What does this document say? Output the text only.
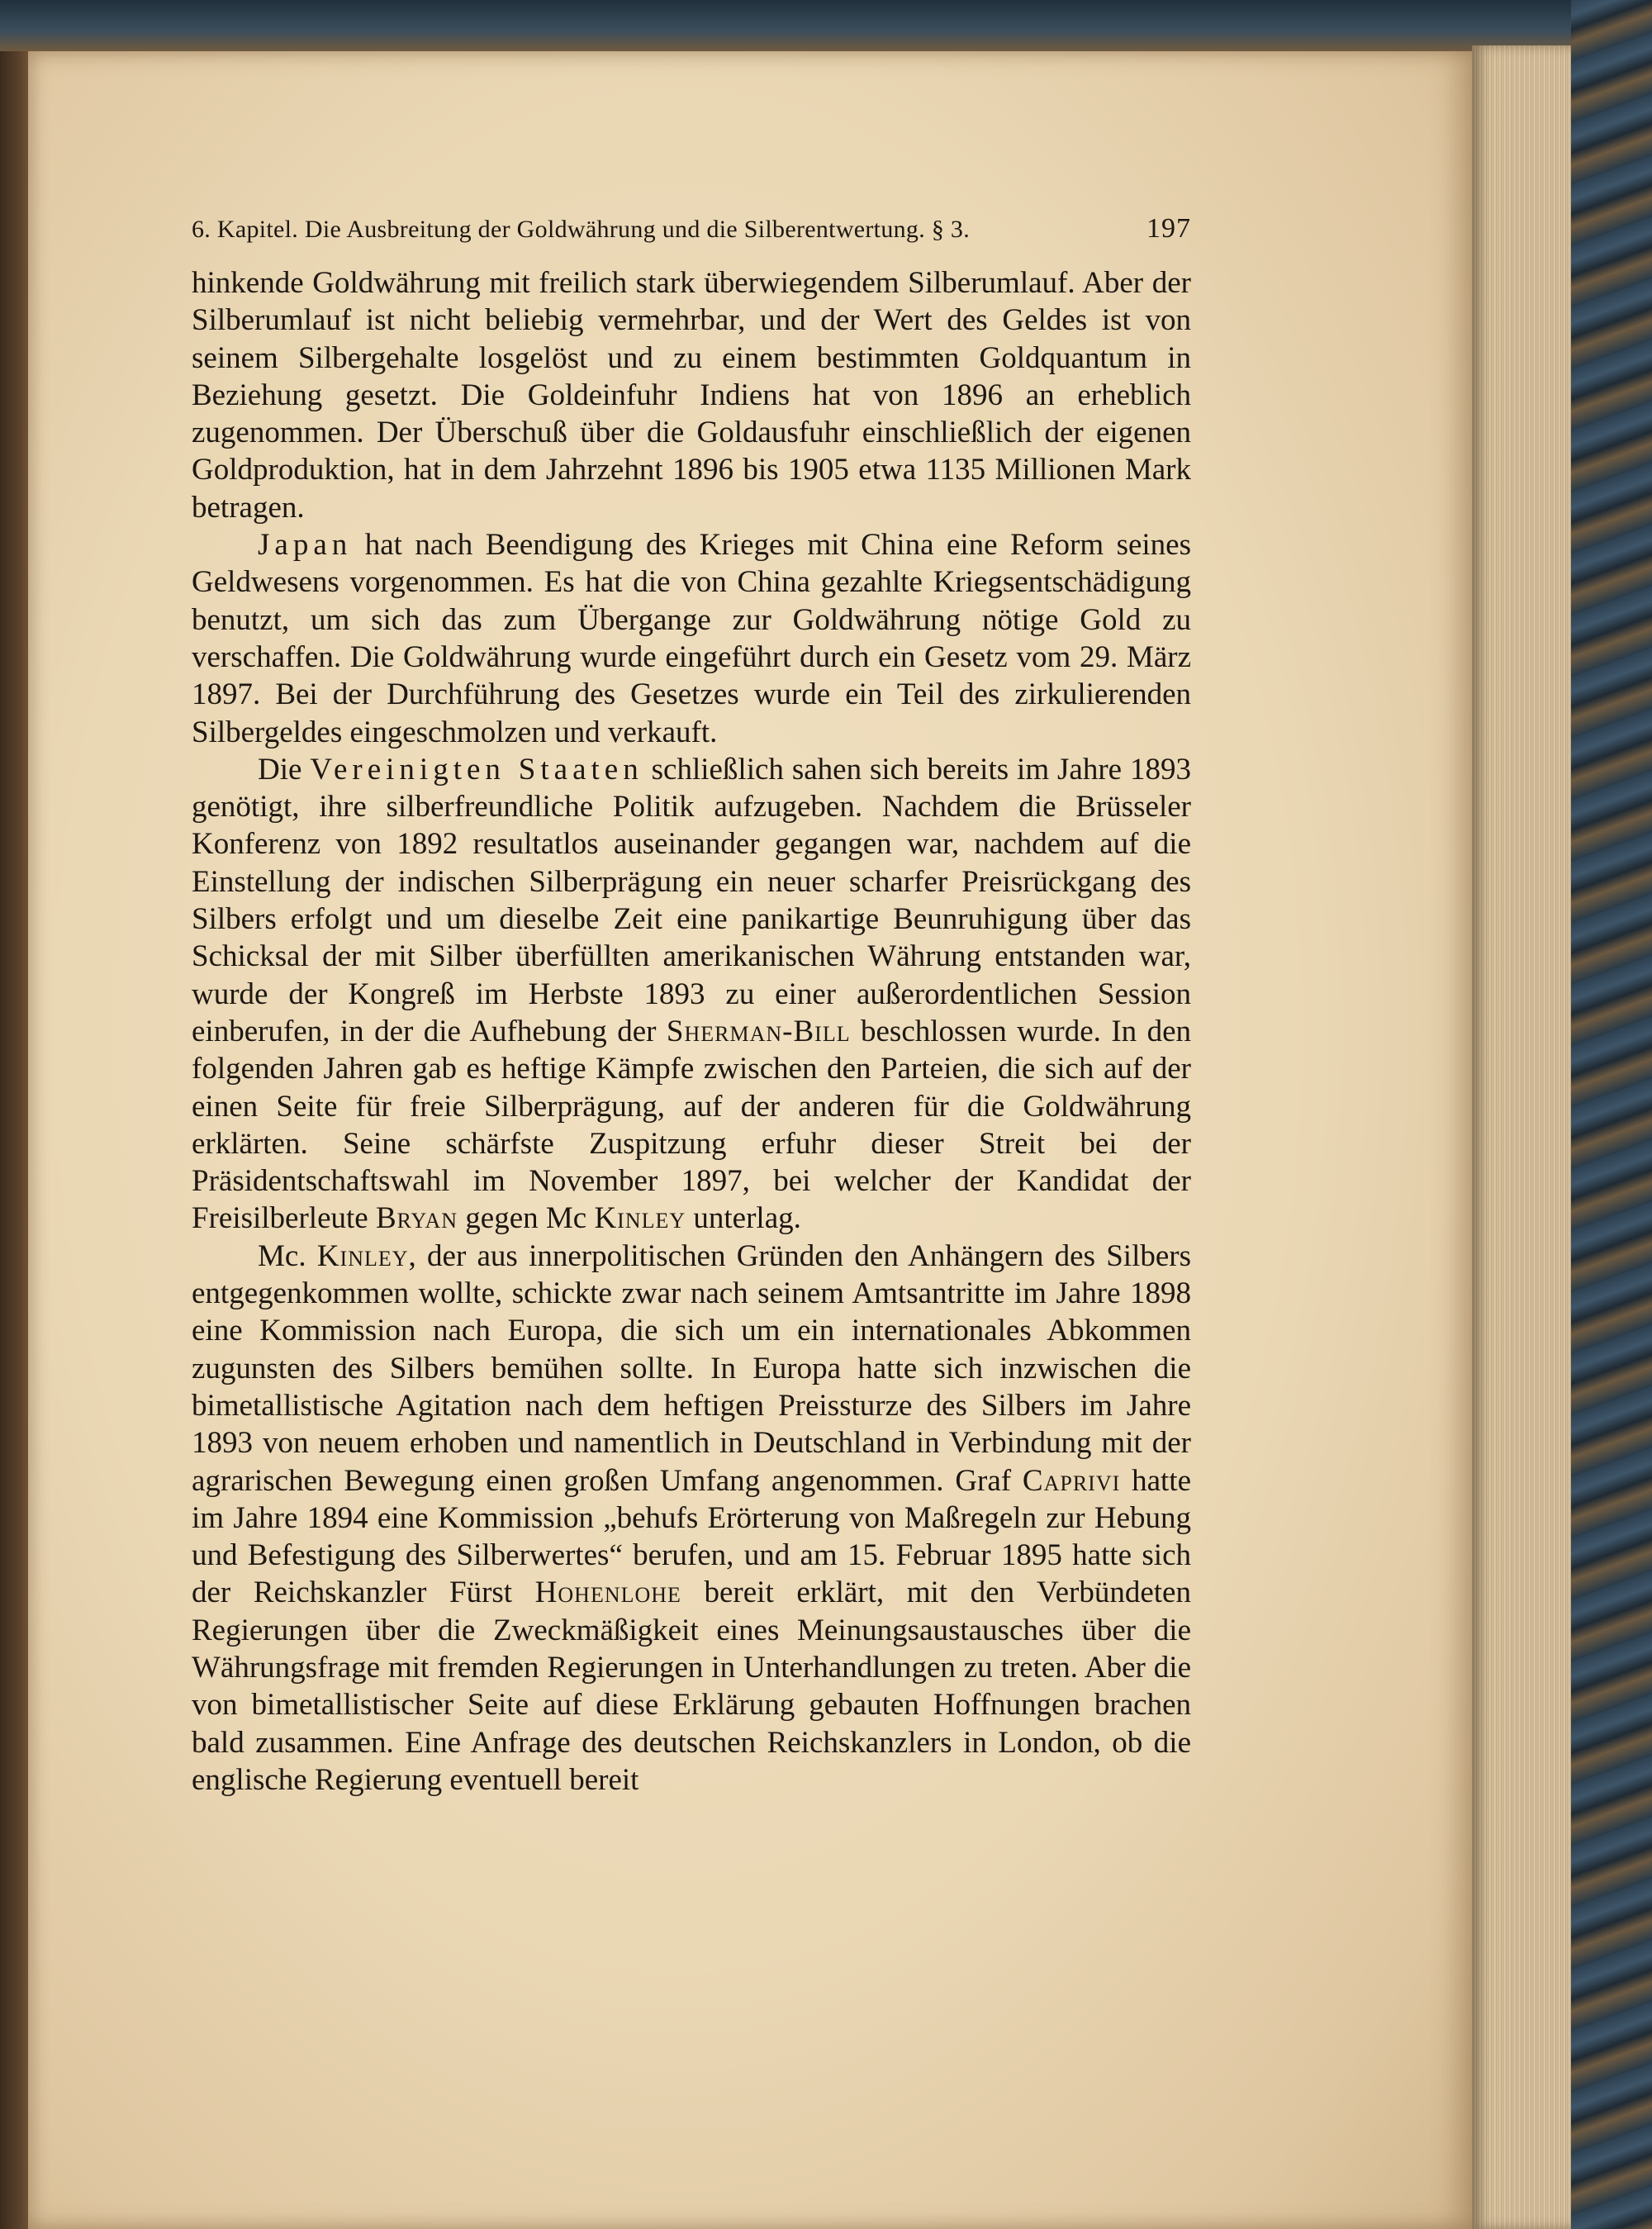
6. Kapitel. Die Ausbreitung der Goldwährung und die Silberentwertung. § 3.	197

hinkende Goldwährung mit freilich stark überwiegendem Silberumlauf. Aber der Silberumlauf ist nicht beliebig vermehrbar, und der Wert des Geldes ist von seinem Silbergehalte losgelöst und zu einem bestimmten Goldquantum in Beziehung gesetzt. Die Goldeinfuhr Indiens hat von 1896 an erheblich zugenommen. Der Überschuß über die Goldausfuhr einschließlich der eigenen Goldproduktion, hat in dem Jahrzehnt 1896 bis 1905 etwa 1135 Millionen Mark betragen.

Japan hat nach Beendigung des Krieges mit China eine Reform seines Geldwesens vorgenommen. Es hat die von China gezahlte Kriegsentschädigung benutzt, um sich das zum Übergange zur Goldwährung nötige Gold zu verschaffen. Die Goldwährung wurde eingeführt durch ein Gesetz vom 29. März 1897. Bei der Durchführung des Gesetzes wurde ein Teil des zirkulierenden Silbergeldes eingeschmolzen und verkauft.

Die Vereinigten Staaten schließlich sahen sich bereits im Jahre 1893 genötigt, ihre silberfreundliche Politik aufzugeben. Nachdem die Brüsseler Konferenz von 1892 resultatlos auseinander gegangen war, nachdem auf die Einstellung der indischen Silberprägung ein neuer scharfer Preisrückgang des Silbers erfolgt und um dieselbe Zeit eine panikartige Beunruhigung über das Schicksal der mit Silber überfüllten amerikanischen Währung entstanden war, wurde der Kongreß im Herbste 1893 zu einer außerordentlichen Session einberufen, in der die Aufhebung der Sherman-Bill beschlossen wurde. In den folgenden Jahren gab es heftige Kämpfe zwischen den Parteien, die sich auf der einen Seite für freie Silberprägung, auf der anderen für die Goldwährung erklärten. Seine schärfste Zuspitzung erfuhr dieser Streit bei der Präsidentschaftswahl im November 1897, bei welcher der Kandidat der Freisilberleute Bryan gegen Mc Kinley unterlag.

Mc. Kinley, der aus innerpolitischen Gründen den Anhängern des Silbers entgegenkommen wollte, schickte zwar nach seinem Amtsantritte im Jahre 1898 eine Kommission nach Europa, die sich um ein internationales Abkommen zugunsten des Silbers bemühen sollte. In Europa hatte sich inzwischen die bimetallistische Agitation nach dem heftigen Preissturze des Silbers im Jahre 1893 von neuem erhoben und namentlich in Deutschland in Verbindung mit der agrarischen Bewegung einen großen Umfang angenommen. Graf Caprivi hatte im Jahre 1894 eine Kommission „behufs Erörterung von Maßregeln zur Hebung und Befestigung des Silberwertes“ berufen, und am 15. Februar 1895 hatte sich der Reichskanzler Fürst Hohenlohe bereit erklärt, mit den Verbündeten Regierungen über die Zweckmäßigkeit eines Meinungsaustausches über die Währungsfrage mit fremden Regierungen in Unterhandlungen zu treten. Aber die von bimetallistischer Seite auf diese Erklärung gebauten Hoffnungen brachen bald zusammen. Eine Anfrage des deutschen Reichskanzlers in London, ob die englische Regierung eventuell bereit
